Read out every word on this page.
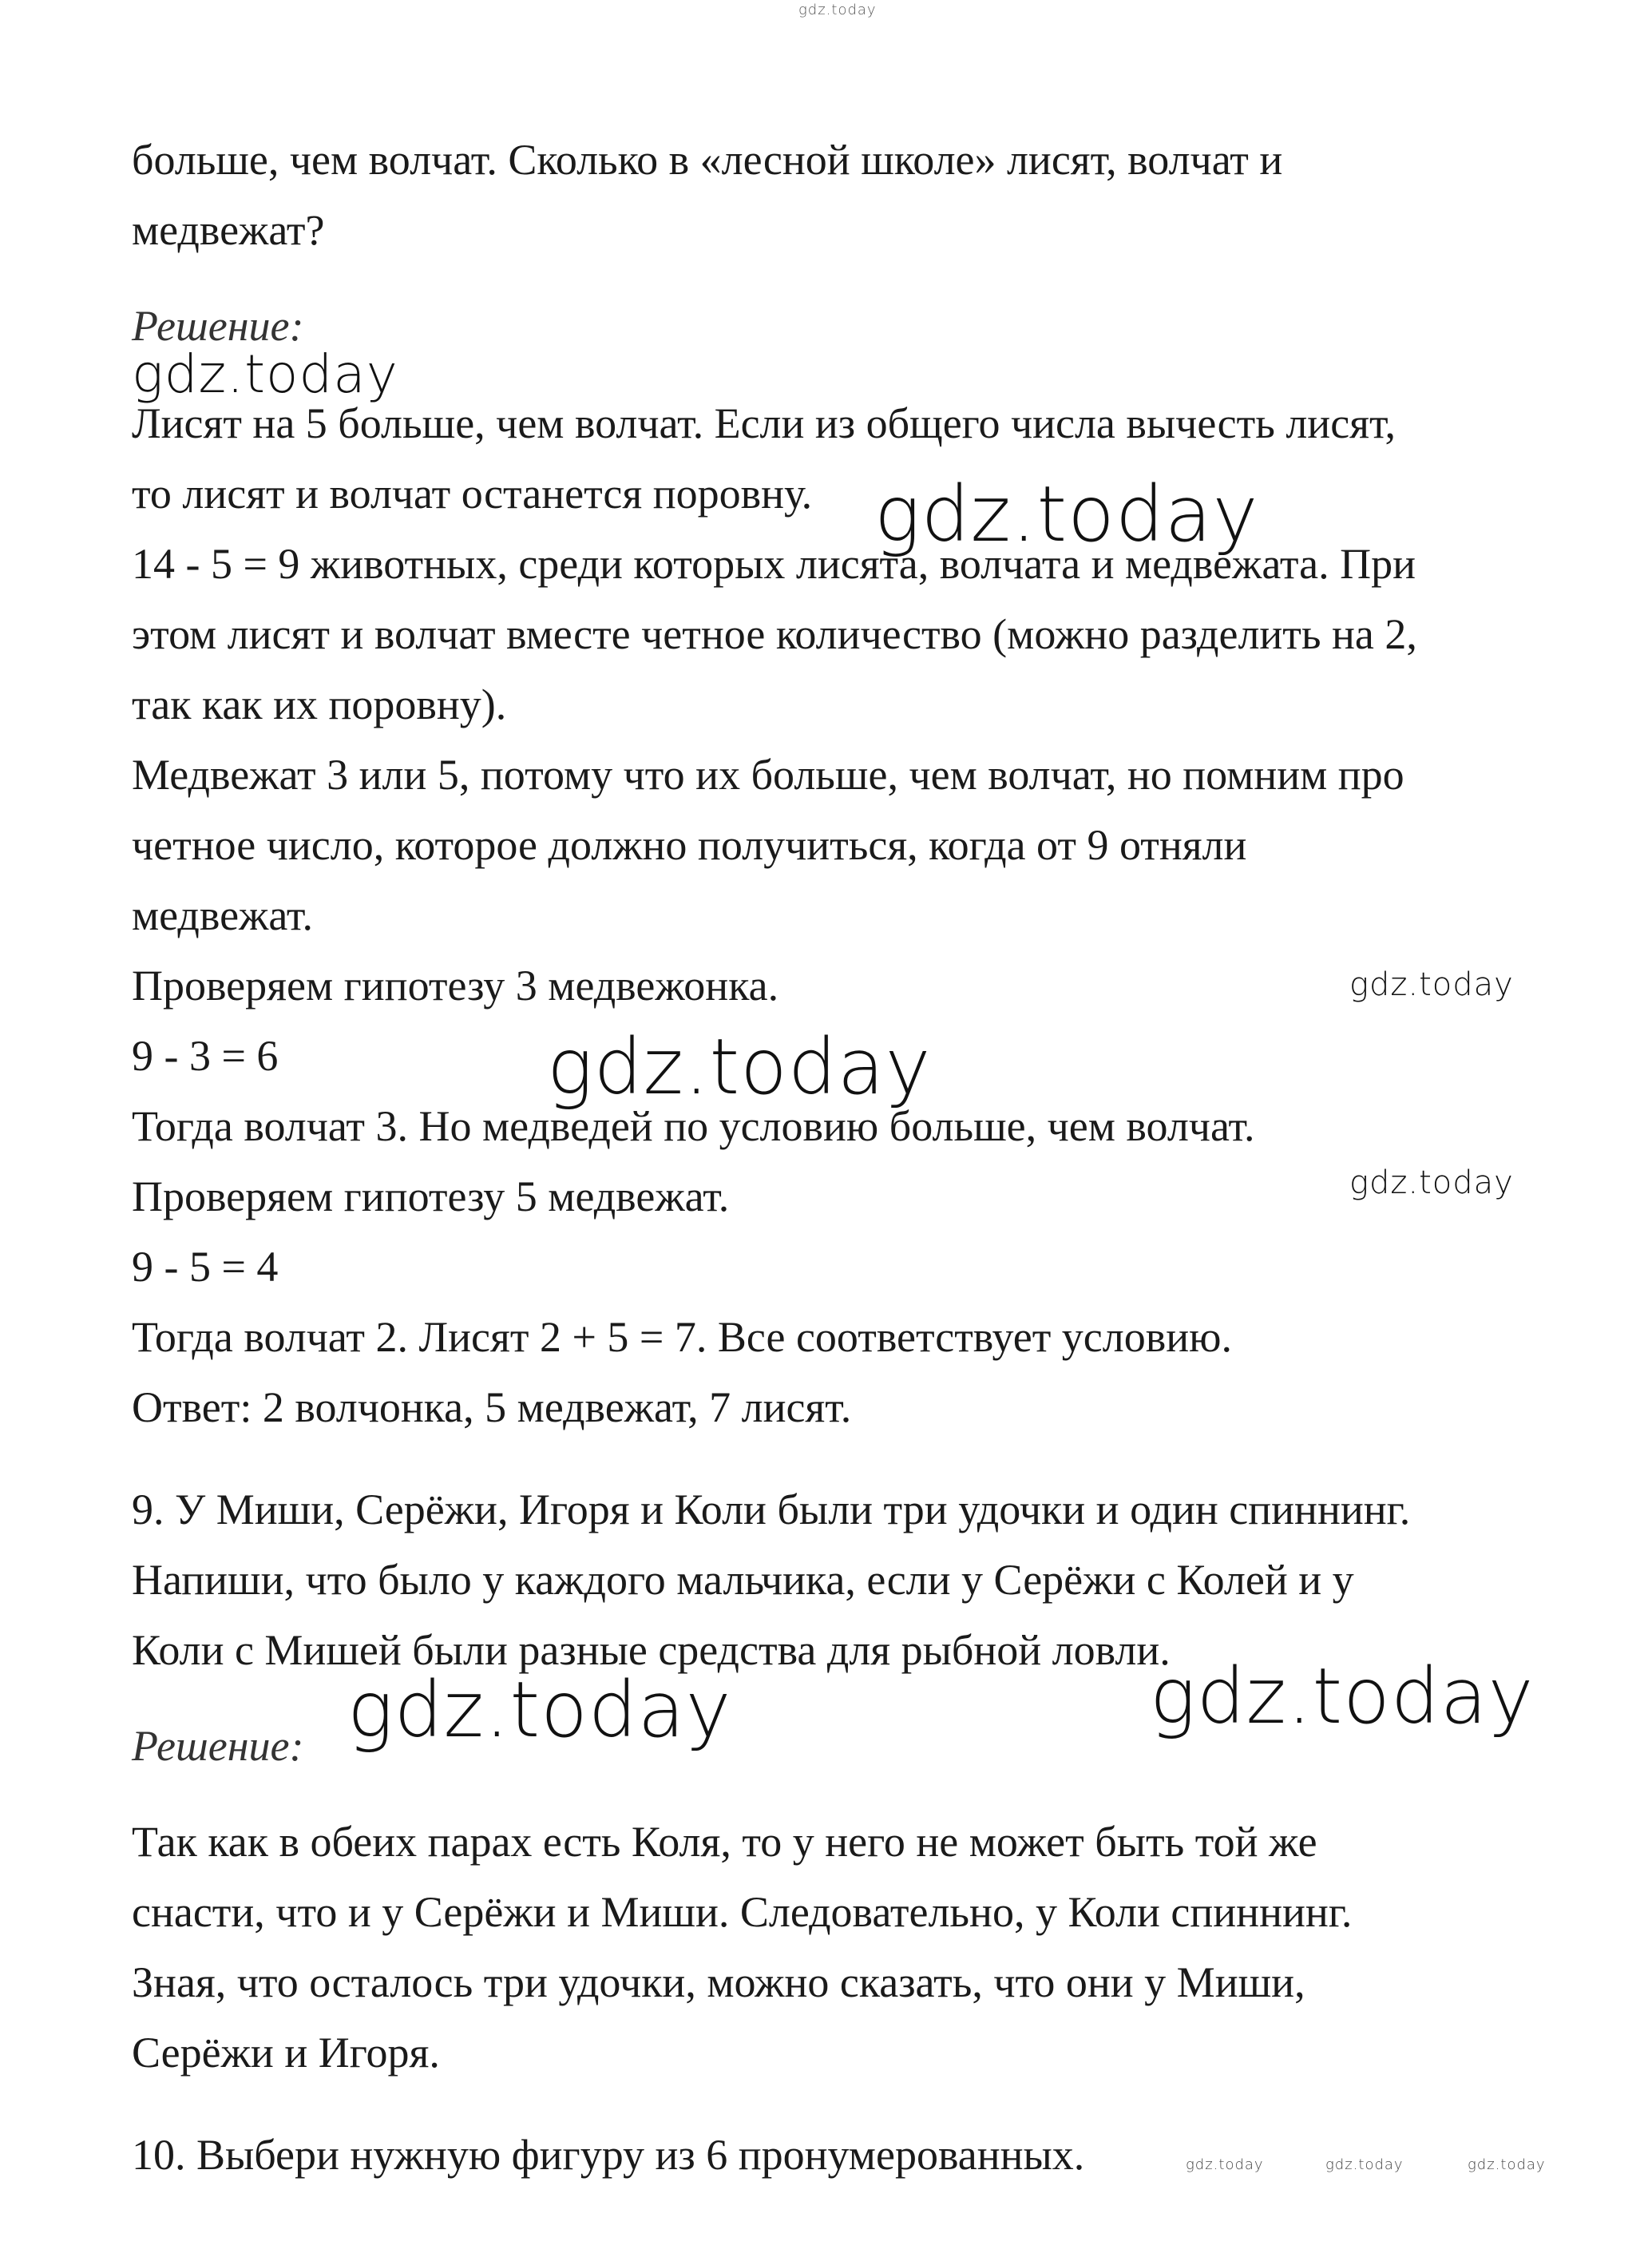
gdz.today
gdz.today
gdz.today
gdz.today
gdz.today
gdz.today
gdz.today	gdz.today
gdz.today	gdz.today	gdz.today
больше, чем волчат. Сколько в «лесной школе» лисят, волчат и
медвежат?
Решение:
Лисят на 5 больше, чем волчат. Если из общего числа вычесть лисят,
то лисят и волчат останется поровну.
14 - 5 = 9 животных, среди которых лисята, волчата и медвежата. При
этом лисят и волчат вместе четное количество (можно разделить на 2,
так как их поровну).
Медвежат 3 или 5, потому что их больше, чем волчат, но помним про
четное число, которое должно получиться, когда от 9 отняли
медвежат.
Проверяем гипотезу 3 медвежонка.
9 - 3 = 6
Тогда волчат 3. Но медведей по условию больше, чем волчат.
Проверяем гипотезу 5 медвежат.
9 - 5 = 4
Тогда волчат 2. Лисят 2 + 5 = 7. Все соответствует условию.
Ответ: 2 волчонка, 5 медвежат, 7 лисят.
9. У Миши, Серёжи, Игоря и Коли были три удочки и один спиннинг.
Напиши, что было у каждого мальчика, если у Серёжи с Колей и у
Коли с Мишей были разные средства для рыбной ловли.
Решение:
Так как в обеих парах есть Коля, то у него не может быть той же
снасти, что и у Серёжи и Миши. Следовательно, у Коли спиннинг.
Зная, что осталось три удочки, можно сказать, что они у Миши,
Серёжи и Игоря.
10. Выбери нужную фигуру из 6 пронумерованных.
